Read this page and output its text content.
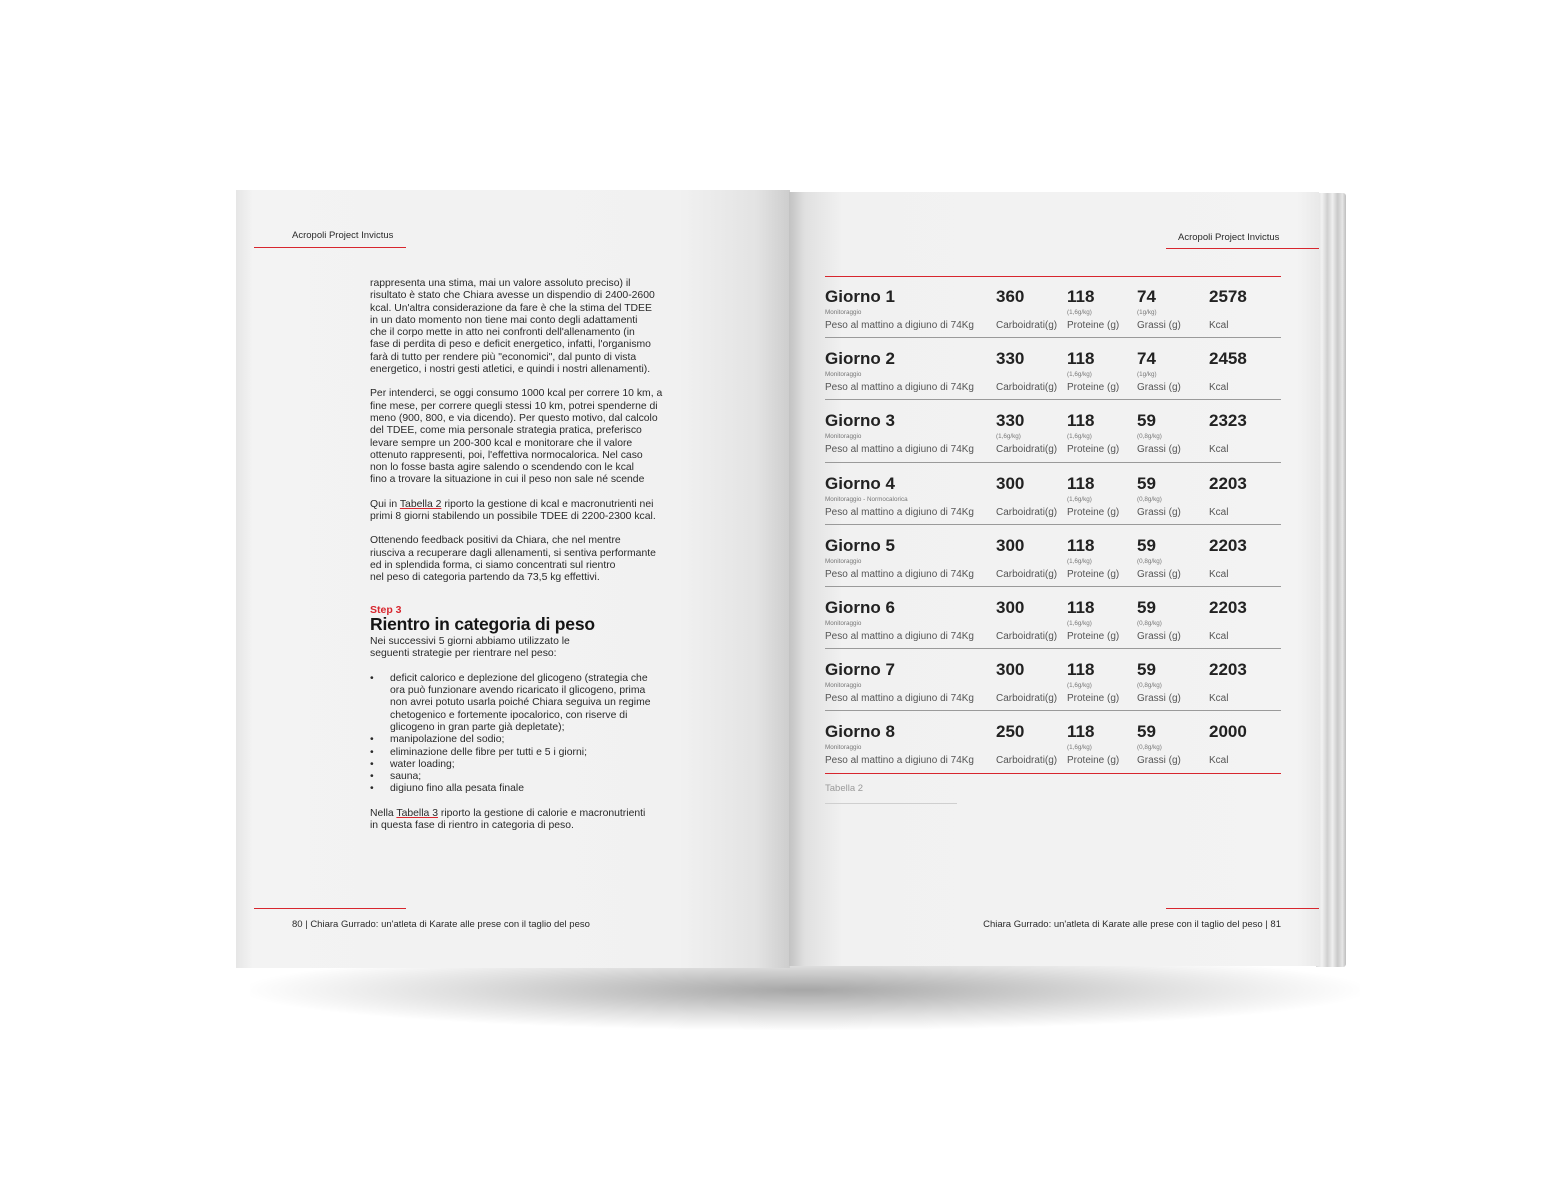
Acropoli Project Invictus

rappresenta una stima, mai un valore assoluto preciso) il
risultato è stato che Chiara avesse un dispendio di 2400-2600
kcal. Un'altra considerazione da fare è che la stima del TDEE
in un dato momento non tiene mai conto degli adattamenti
che il corpo mette in atto nei confronti dell'allenamento (in
fase di perdita di peso e deficit energetico, infatti, l'organismo
farà di tutto per rendere più "economici", dal punto di vista
energetico, i nostri gesti atletici, e quindi i nostri allenamenti).

Per intenderci, se oggi consumo 1000 kcal per correre 10 km, a
fine mese, per correre quegli stessi 10 km, potrei spenderne di
meno (900, 800, e via dicendo). Per questo motivo, dal calcolo
del TDEE, come mia personale strategia pratica, preferisco
levare sempre un 200-300 kcal e monitorare che il valore
ottenuto rappresenti, poi, l'effettiva normocalorica. Nel caso
non lo fosse basta agire salendo o scendendo con le kcal
fino a trovare la situazione in cui il peso non sale né scende

Qui in Tabella 2 riporto la gestione di kcal e macronutrienti nei
primi 8 giorni stabilendo un possibile TDEE di 2200-2300 kcal.

Ottenendo feedback positivi da Chiara, che nel mentre
riusciva a recuperare dagli allenamenti, si sentiva performante
ed in splendida forma, ci siamo concentrati sul rientro
nel peso di categoria partendo da 73,5 kg effettivi.

Step 3
Rientro in categoria di peso

Nei successivi 5 giorni abbiamo utilizzato le
seguenti strategie per rientrare nel peso:

• deficit calorico e deplezione del glicogeno (strategia che
ora può funzionare avendo ricaricato il glicogeno, prima
non avrei potuto usarla poiché Chiara seguiva un regime
chetogenico e fortemente ipocalorico, con riserve di
glicogeno in gran parte già depletate);
• manipolazione del sodio;
• eliminazione delle fibre per tutti e 5 i giorni;
• water loading;
• sauna;
• digiuno fino alla pesata finale

Nella Tabella 3 riporto la gestione di calorie e macronutrienti
in questa fase di rientro in categoria di peso.

80 | Chiara Gurrado: un'atleta di Karate alle prese con il taglio del peso
Acropoli Project Invictus
Giorno 1
Monitoraggio
Peso al mattino a digiuno di 74Kg
360
Carboidrati(g)
118
(1,6g/kg)
Proteine (g)
74
(1g/kg)
Grassi (g)
2578
Kcal
Giorno 2
Monitoraggio
Peso al mattino a digiuno di 74Kg
330
Carboidrati(g)
118
(1,6g/kg)
Proteine (g)
74
(1g/kg)
Grassi (g)
2458
Kcal
Giorno 3
Monitoraggio
Peso al mattino a digiuno di 74Kg
330
(1,6g/kg)
Carboidrati(g)
118
(1,6g/kg)
Proteine (g)
59
(0,8g/kg)
Grassi (g)
2323
Kcal
Giorno 4
Monitoraggio - Normocalorica
Peso al mattino a digiuno di 74Kg
300
Carboidrati(g)
118
(1,6g/kg)
Proteine (g)
59
(0,8g/kg)
Grassi (g)
2203
Kcal
Giorno 5
Monitoraggio
Peso al mattino a digiuno di 74Kg
300
Carboidrati(g)
118
(1,6g/kg)
Proteine (g)
59
(0,8g/kg)
Grassi (g)
2203
Kcal
Giorno 6
Monitoraggio
Peso al mattino a digiuno di 74Kg
300
Carboidrati(g)
118
(1,6g/kg)
Proteine (g)
59
(0,8g/kg)
Grassi (g)
2203
Kcal
Giorno 7
Monitoraggio
Peso al mattino a digiuno di 74Kg
300
Carboidrati(g)
118
(1,6g/kg)
Proteine (g)
59
(0,8g/kg)
Grassi (g)
2203
Kcal
Giorno 8
Monitoraggio
Peso al mattino a digiuno di 74Kg
250
Carboidrati(g)
118
(1,6g/kg)
Proteine (g)
59
(0,8g/kg)
Grassi (g)
2000
Kcal
Tabella 2
Chiara Gurrado: un'atleta di Karate alle prese con il taglio del peso | 81
